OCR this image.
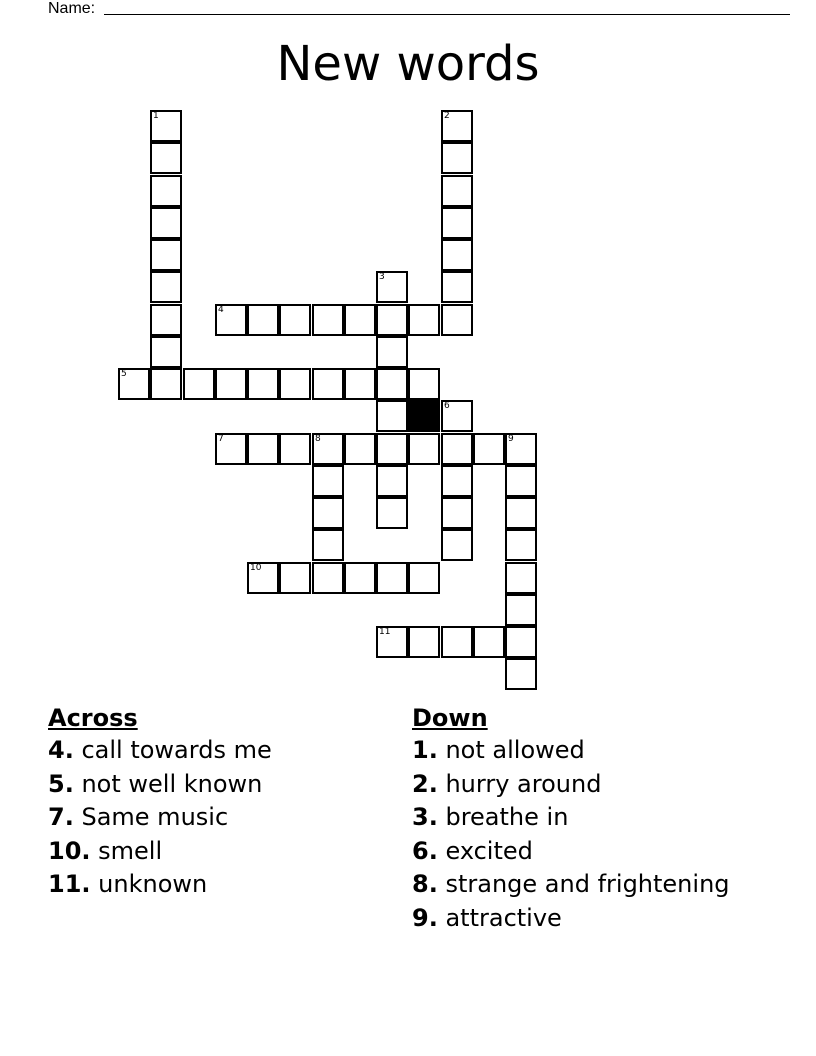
Name:
New words
1	2
3
4
5
6
7	8	9
10
11
Across
4. call towards me
5. not well known
7. Same music
10. smell
11. unknown
Down
1. not allowed
2. hurry around
3. breathe in
6. excited
8. strange and frightening
9. attractive
